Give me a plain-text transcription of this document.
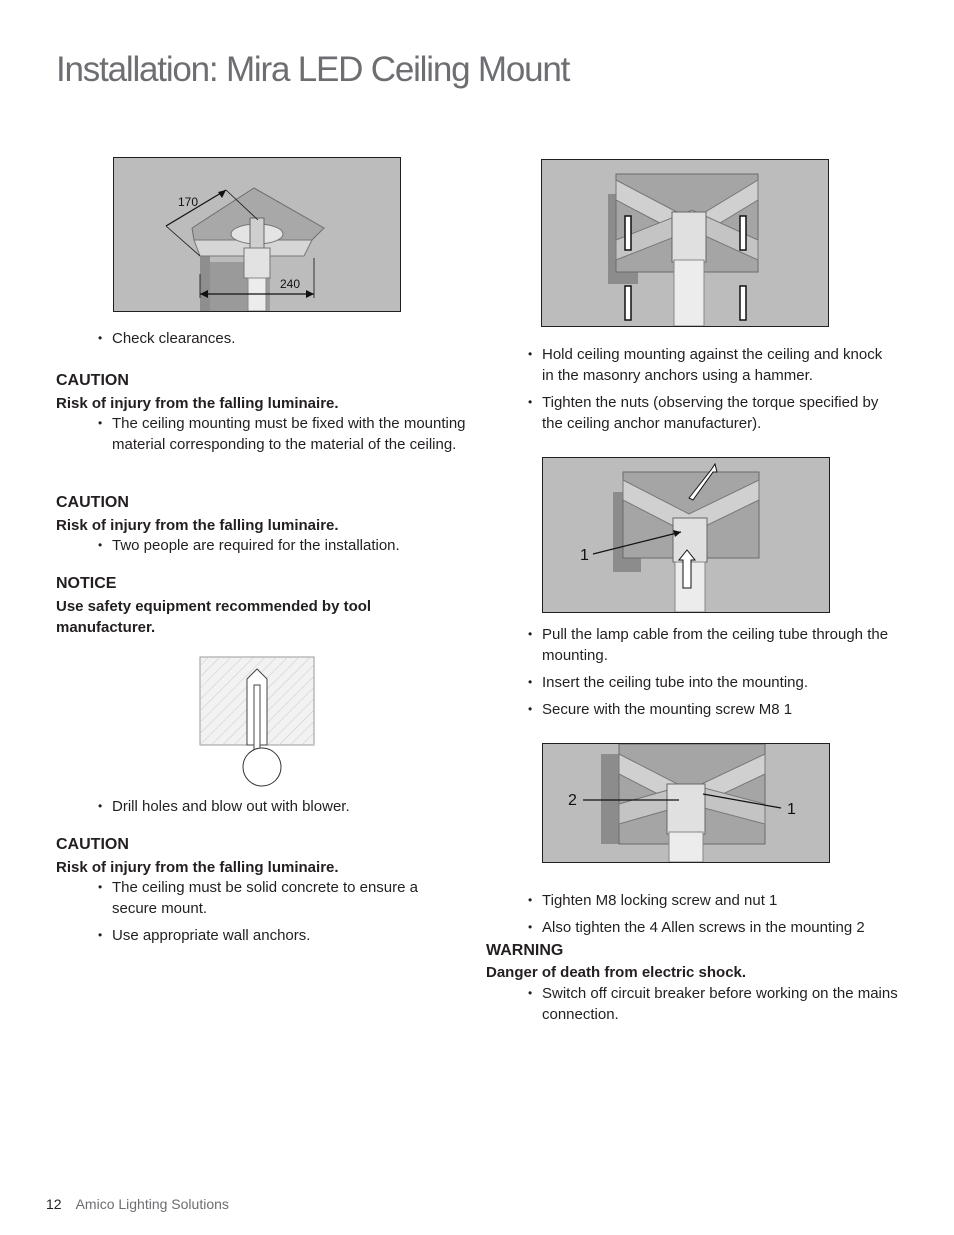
Installation: Mira LED Ceiling Mount
170
240
• Check clearances.
CAUTION
Risk of injury from the falling luminaire.
• The ceiling mounting must be fixed with the mounting material corresponding to the material of the ceiling.
CAUTION
Risk of injury from the falling luminaire.
• Two people are required for the installation.
NOTICE
Use safety equipment recommended by tool manufacturer.
• Drill holes and blow out with blower.
CAUTION
Risk of injury from the falling luminaire.
• The ceiling must be solid concrete to ensure a secure mount.
• Use appropriate wall anchors.
• Hold ceiling mounting against the ceiling and knock in the masonry anchors using a hammer.
• Tighten the nuts (observing the torque specified by the ceiling anchor manufacturer).
1
• Pull the lamp cable from the ceiling tube through the mounting.
• Insert the ceiling tube into the mounting.
• Secure with the mounting screw M8 1
2
1
• Tighten M8 locking screw and nut 1
• Also tighten the 4 Allen screws in the mounting 2
WARNING
Danger of death from electric shock.
• Switch off circuit breaker before working on the mains connection.
12 Amico Lighting Solutions
